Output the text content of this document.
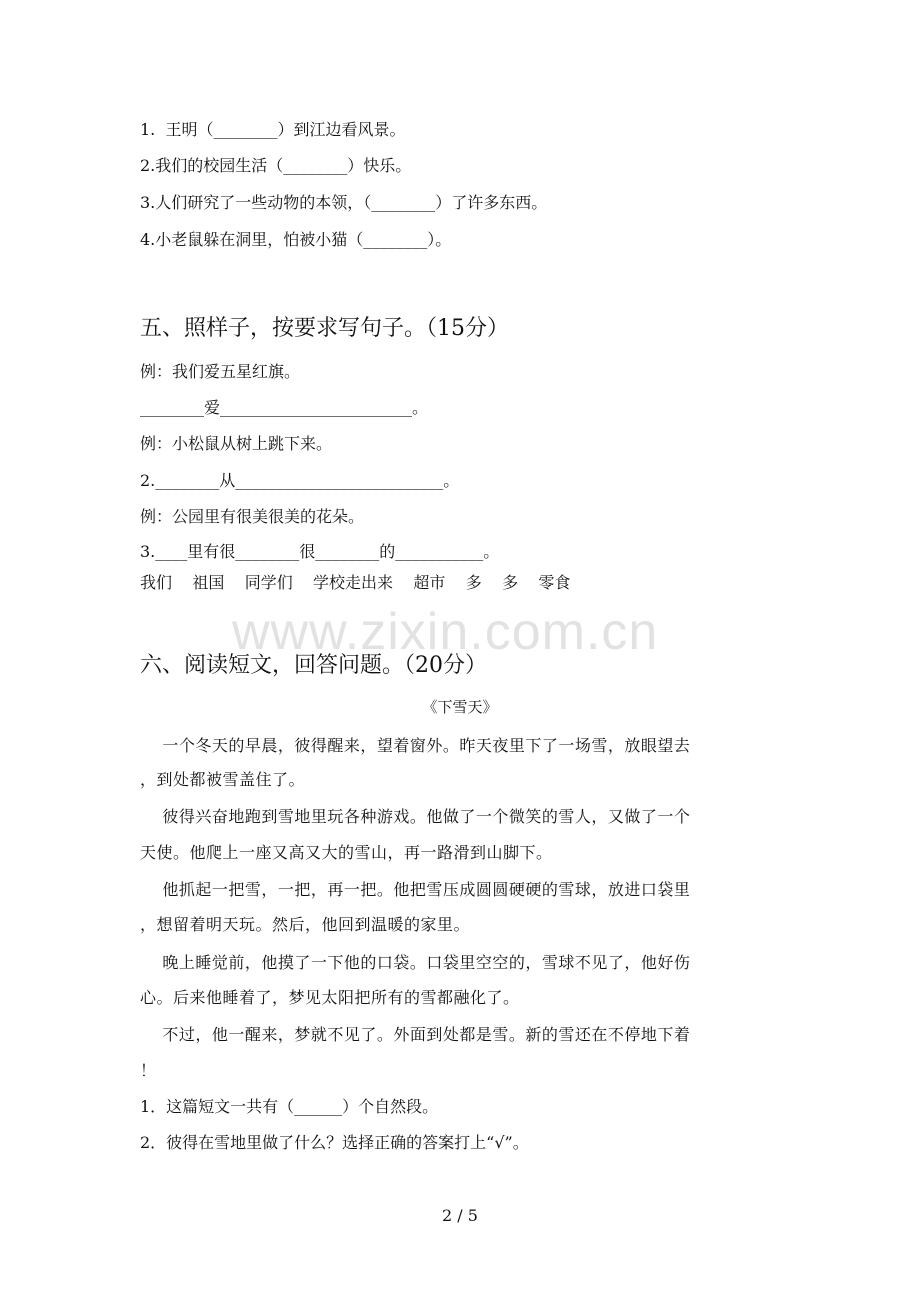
1.  王明（________）到江边看风景。
2.我们的校园生活（________）快乐。
3.人们研究了一些动物的本领，（________）了许多东西。
4.小老鼠躲在洞里，怕被小猫（________）。
五、照样子，按要求写句子。（15分）
例：我们爱五星红旗。
________爱________________________。
例：小松鼠从树上跳下来。
2.________从__________________________。
例：公园里有很美很美的花朵。
3.____里有很________很________的___________。
我们    祖国    同学们    学校走出来    超市    多    多    零食
www.zixin.com.cn
六、阅读短文，回答问题。（20分）
《下雪天》
一个冬天的早晨，彼得醒来，望着窗外。昨天夜里下了一场雪，放眼望去
，到处都被雪盖住了。
彼得兴奋地跑到雪地里玩各种游戏。他做了一个微笑的雪人，又做了一个
天使。他爬上一座又高又大的雪山，再一路滑到山脚下。
他抓起一把雪，一把，再一把。他把雪压成圆圆硬硬的雪球，放进口袋里
，想留着明天玩。然后，他回到温暖的家里。
晚上睡觉前，他摸了一下他的口袋。口袋里空空的，雪球不见了，他好伤
心。后来他睡着了，梦见太阳把所有的雪都融化了。
不过，他一醒来，梦就不见了。外面到处都是雪。新的雪还在不停地下着
！
1．这篇短文一共有（______）个自然段。
2．彼得在雪地里做了什么？选择正确的答案打上“√”。
2 / 5
